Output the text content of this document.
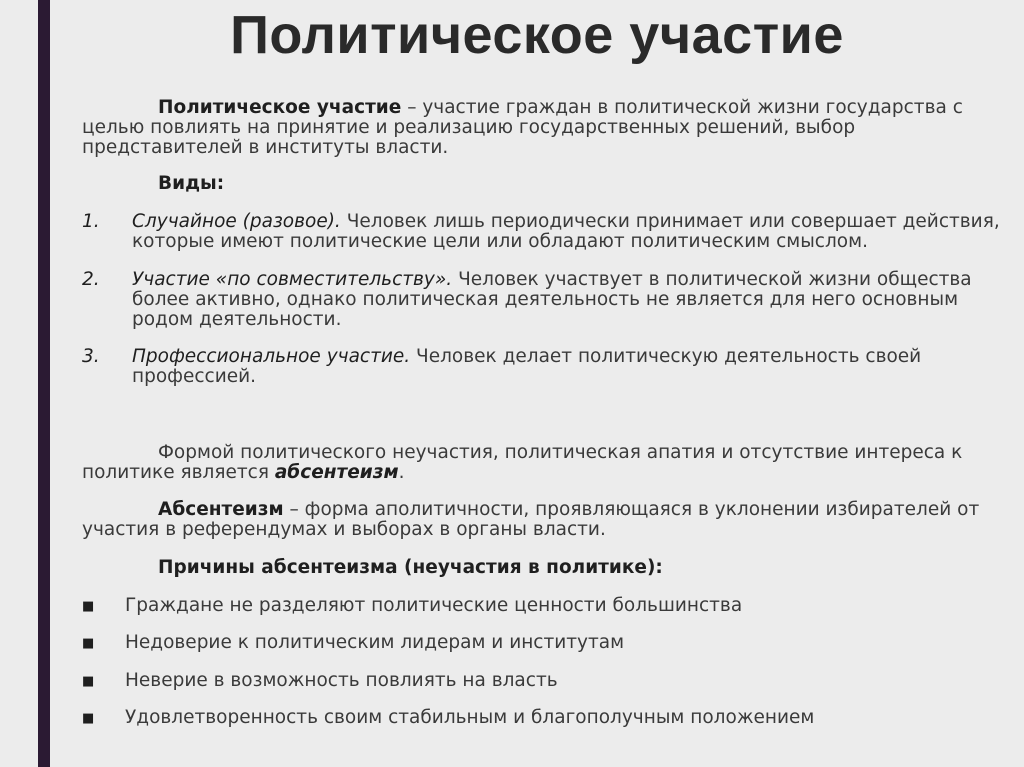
Политическое участие
Политическое участие – участие граждан в политической жизни государства с целью повлиять на принятие и реализацию государственных решений, выбор представителей в институты власти.
Виды:
1. Случайное (разовое). Человек лишь периодически принимает или совершает действия, которые имеют политические цели или обладают политическим смыслом.
2. Участие «по совместительству». Человек участвует в политической жизни общества более активно, однако политическая деятельность не является для него основным родом деятельности.
3. Профессиональное участие. Человек делает политическую деятельность своей профессией.
Формой политического неучастия, политическая апатия и отсутствие интереса к политике является абсентеизм.
Абсентеизм – форма аполитичности, проявляющаяся в уклонении избирателей от участия в референдумах и выборах в органы власти.
Причины абсентеизма (неучастия в политике):
■ Граждане не разделяют политические ценности большинства
■ Недоверие к политическим лидерам и институтам
■ Неверие в возможность повлиять на власть
■ Удовлетворенность своим стабильным и благополучным положением
